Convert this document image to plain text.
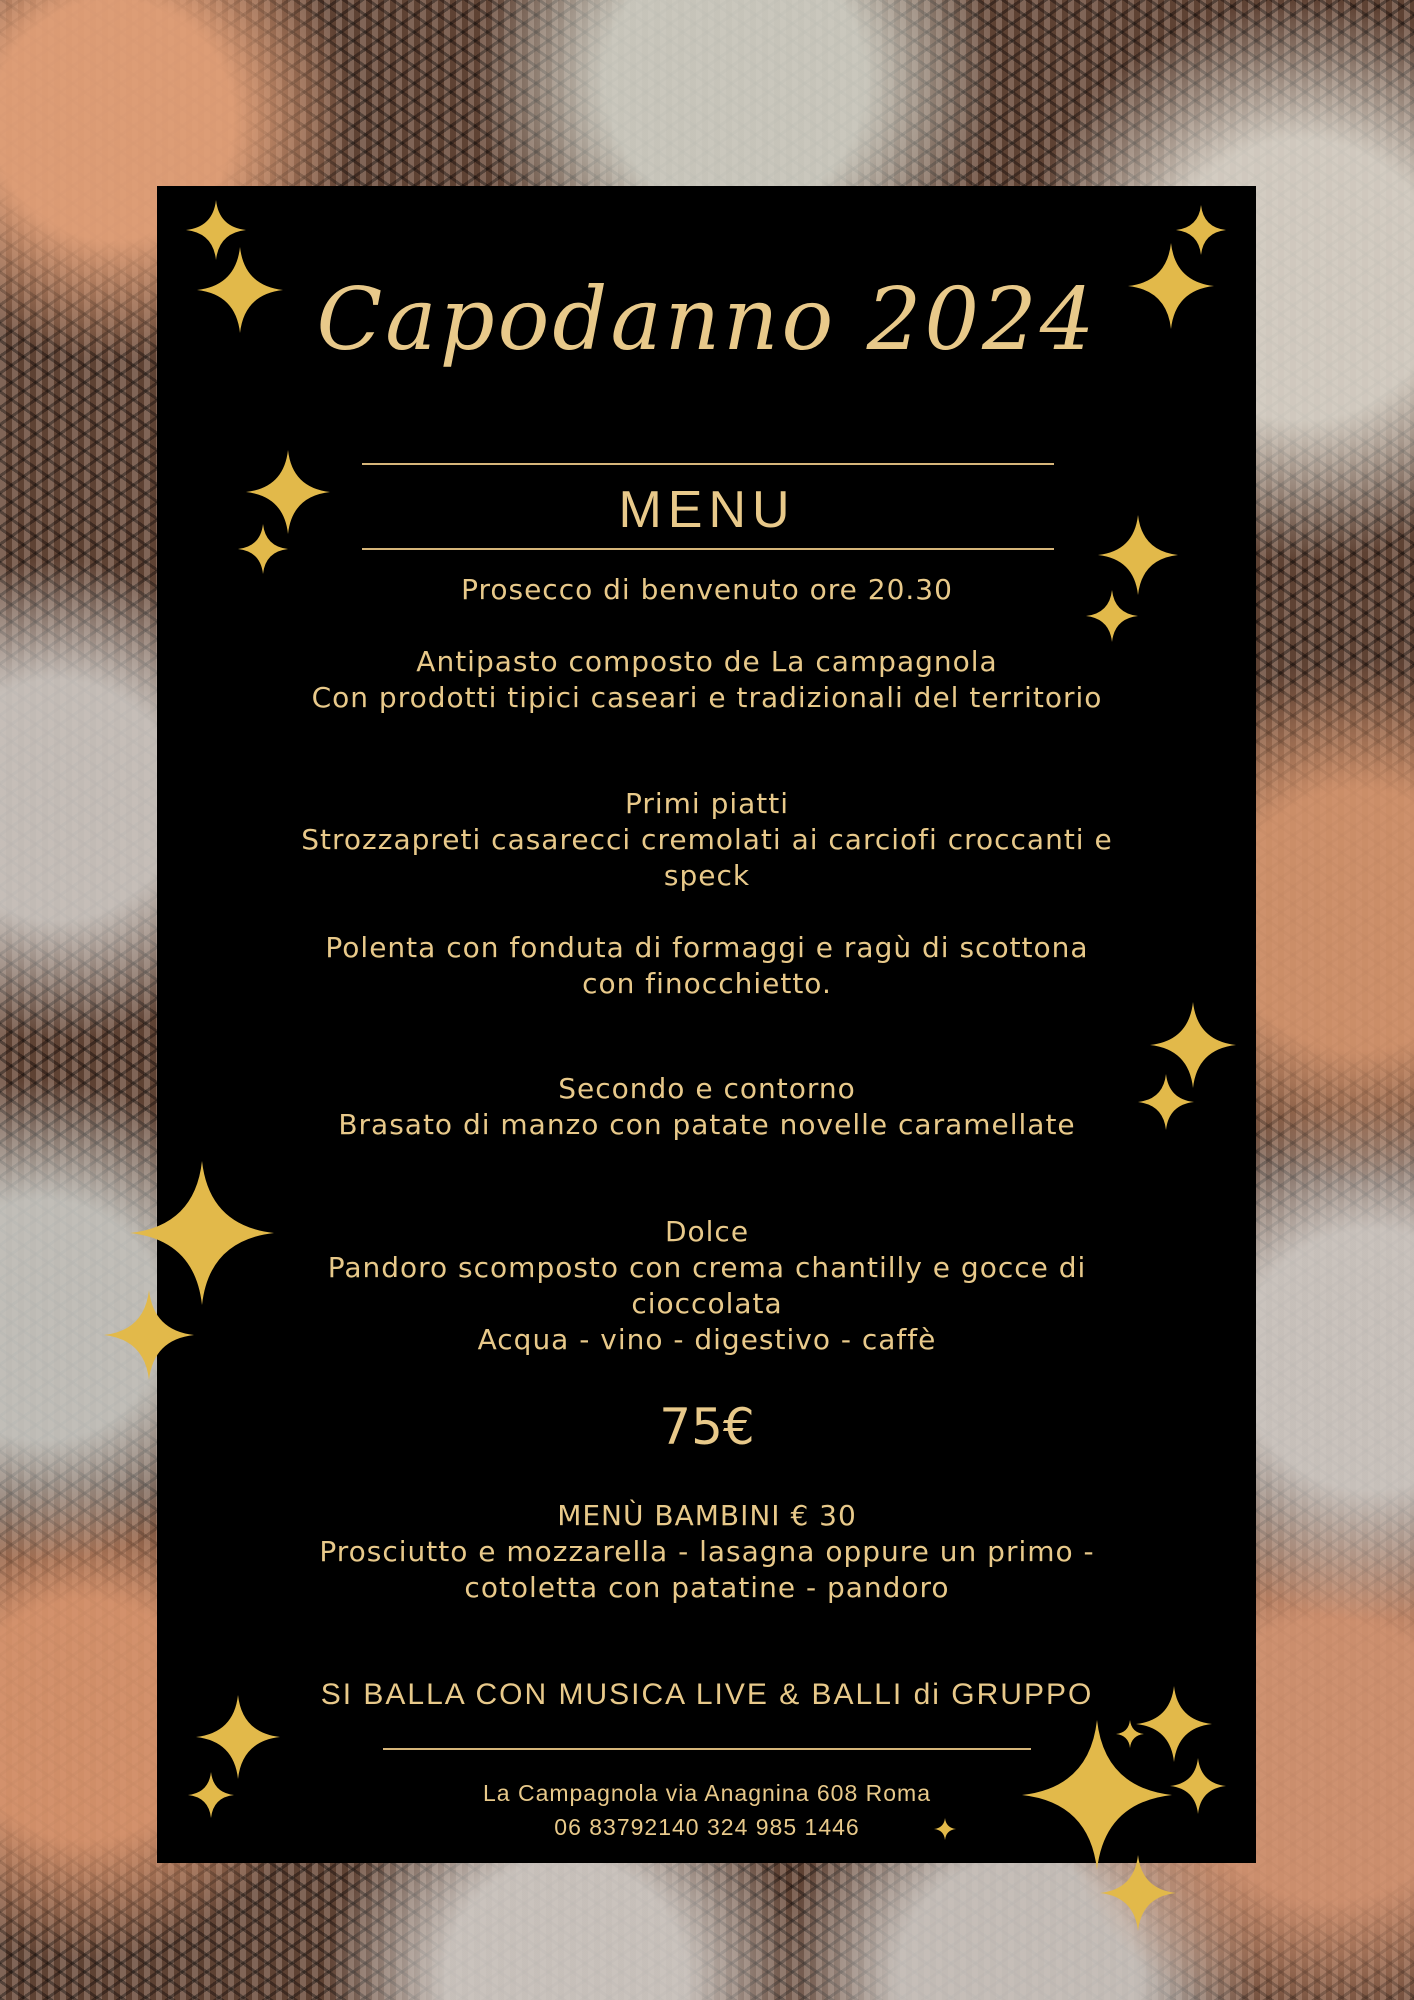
Capodanno 2024
MENU
Prosecco di benvenuto ore 20.30
Antipasto composto de La campagnola
Con prodotti tipici caseari e tradizionali del territorio
Primi piatti
Strozzapreti casarecci cremolati ai carciofi croccanti e
speck
Polenta con fonduta di formaggi e ragù di scottona
con finocchietto.
Secondo e contorno
Brasato di manzo con patate novelle caramellate
Dolce
Pandoro scomposto con crema chantilly e gocce di
cioccolata
Acqua - vino - digestivo - caffè
75€
MENÙ BAMBINI € 30
Prosciutto e mozzarella - lasagna oppure un primo -
cotoletta con patatine - pandoro
SI BALLA CON MUSICA LIVE & BALLI di GRUPPO
La Campagnola via Anagnina 608 Roma
06 83792140 324 985 1446
